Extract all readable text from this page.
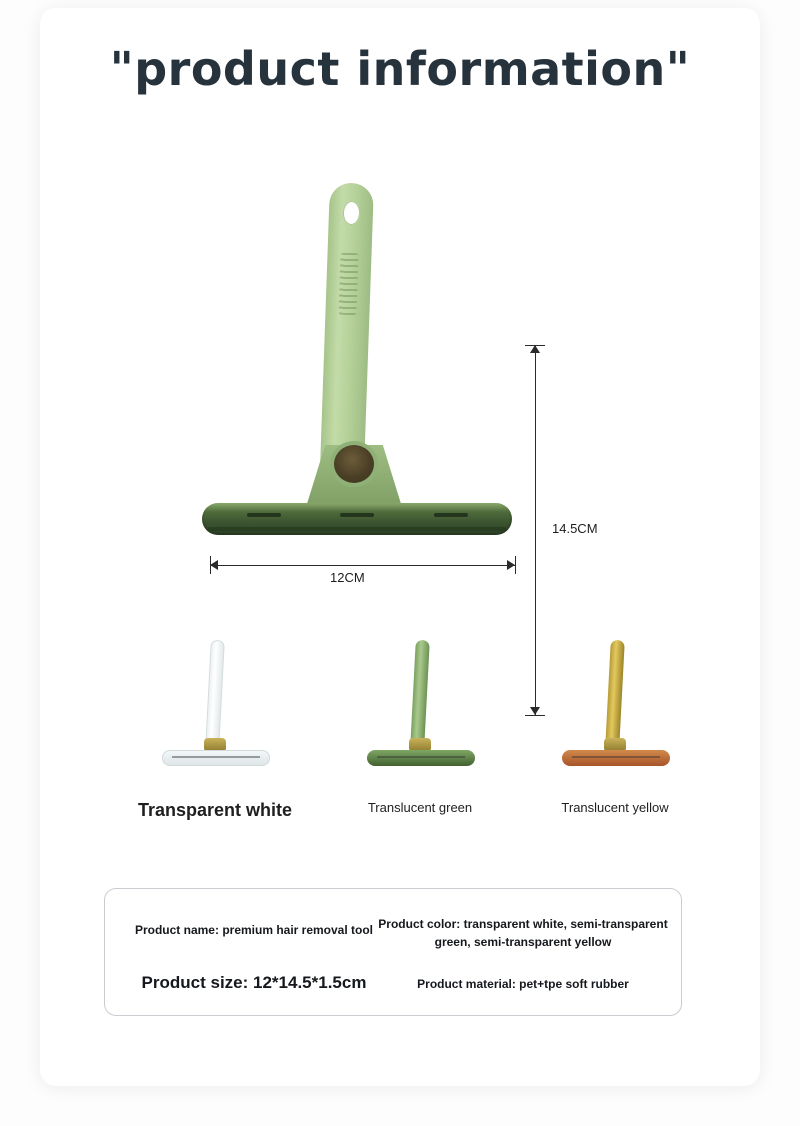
"product information"
14.5CM
12CM
Transparent white	Translucent green	Translucent yellow
Product name: premium hair removal tool Product color: transparent white, semi-transparent green, semi-transparent yellow
Product size: 12*14.5*1.5cm	Product material: pet+tpe soft rubber
